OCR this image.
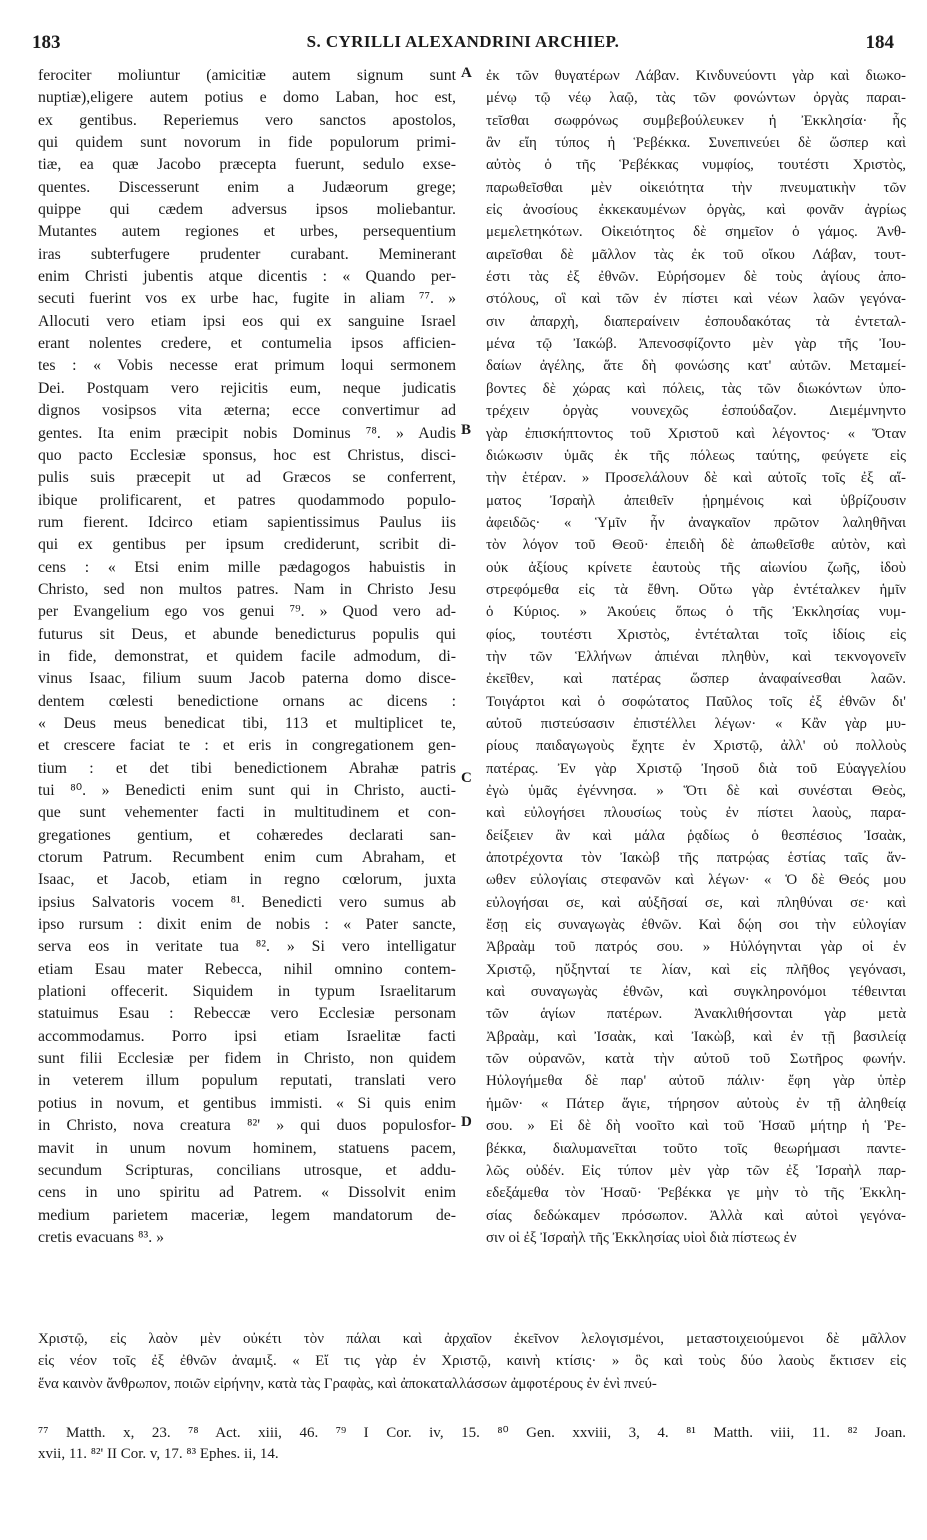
183	S. CYRILLI ALEXANDRINI ARCHIEP.	184
ferociter moliuntur (amicitiæ autem signum sunt
nuptiæ),eligere autem potius e domo Laban, hoc est,
ex gentibus. Reperiemus vero sanctos apostolos,
qui quidem sunt novorum in fide populorum primi-
tiæ, ea quæ Jacobo præcepta fuerunt, sedulo exse-
quentes. Discesserunt enim a Judæorum grege;
quippe qui cædem adversus ipsos moliebantur.
Mutantes autem regiones et urbes, persequentium
iras subterfugere prudenter curabant. Meminerant
enim Christi jubentis atque dicentis : « Quando per-
secuti fuerint vos ex urbe hac, fugite in aliam ⁷⁷. »
Allocuti vero etiam ipsi eos qui ex sanguine Israel
erant nolentes credere, et contumelia ipsos afficien-
tes : « Vobis necesse erat primum loqui sermonem
Dei. Postquam vero rejicitis eum, neque judicatis
dignos vosipsos vita æterna; ecce convertimur ad
gentes. Ita enim præcipit nobis Dominus ⁷⁸. » Audis
quo pacto Ecclesiæ sponsus, hoc est Christus, disci-
pulis suis præcepit ut ad Græcos se conferrent,
ibique prolificarent, et patres quodammodo populo-
rum fierent. Idcirco etiam sapientissimus Paulus iis
qui ex gentibus per ipsum crediderunt, scribit di-
cens : « Etsi enim mille pædagogos habuistis in
Christo, sed non multos patres. Nam in Christo Jesu
per Evangelium ego vos genui ⁷⁹. » Quod vero ad-
futurus sit Deus, et abunde benedicturus populis qui
in fide, demonstrat, et quidem facile admodum, di-
vinus Isaac, filium suum Jacob paterna domo disce-
dentem cœlesti benedictione ornans ac dicens :
« Deus meus benedicat tibi, 113 et multiplicet te,
et crescere faciat te : et eris in congregationem gen-
tium : et det tibi benedictionem Abrahæ patris
tui ⁸⁰. » Benedicti enim sunt qui in Christo, aucti-
que sunt vehementer facti in multitudinem et con-
gregationes gentium, et cohæredes declarati san-
ctorum Patrum. Recumbent enim cum Abraham, et
Isaac, et Jacob, etiam in regno cœlorum, juxta
ipsius Salvatoris vocem ⁸¹. Benedicti vero sumus ab
ipso rursum : dixit enim de nobis : « Pater sancte,
serva eos in veritate tua ⁸². » Si vero intelligatur
etiam Esau mater Rebecca, nihil omnino contem-
plationi offecerit. Siquidem in typum Israelitarum
statuimus Esau : Rebeccæ vero Ecclesiæ personam
accommodamus. Porro ipsi etiam Israelitæ facti
sunt filii Ecclesiæ per fidem in Christo, non quidem
in veterem illum populum reputati, translati vero
potius in novum, et gentibus immisti. « Si quis enim
in Christo, nova creatura ⁸²' » qui duos populosfor-
mavit in unum novum hominem, statuens pacem,
secundum Scripturas, concilians utrosque, et addu-
cens in uno spiritu ad Patrem. « Dissolvit enim
medium parietem maceriæ, legem mandatorum de-
cretis evacuans ⁸³. »
ἐκ τῶν θυγατέρων Λάβαν. Κινδυνεύοντι γὰρ καὶ διωκο-
μένῳ τῷ νέῳ λαῷ, τὰς τῶν φονώντων ὀργὰς παραι-
τεῖσθαι σωφρόνως συμβεβούλευκεν ἡ Ἐκκλησία· ἧς
ἂν εἴη τύπος ἡ Ῥεβέκκα. Συνεπινεύει δὲ ὥσπερ καὶ
αὐτὸς ὁ τῆς Ῥεβέκκας νυμφίος, τουτέστι Χριστὸς,
παρωθεῖσθαι μὲν οἰκειότητα τὴν πνευματικὴν τῶν
εἰς ἀνοσίους ἐκκεκαυμένων ὀργὰς, καὶ φονᾶν ἀγρίως
μεμελετηκότων. Οἰκειότητος δὲ σημεῖον ὁ γάμος. Ἀνθ-
αιρεῖσθαι δὲ μᾶλλον τὰς ἐκ τοῦ οἴκου Λάβαν, τουτ-
έστι τὰς ἐξ ἐθνῶν. Εὑρήσομεν δὲ τοὺς ἁγίους ἀπο-
στόλους, οἳ καὶ τῶν ἐν πίστει καὶ νέων λαῶν γεγόνα-
σιν ἀπαρχὴ, διαπεραίνειν ἐσπουδακότας τὰ ἐντεταλ-
μένα τῷ Ἰακώβ. Ἀπενοσφίζοντο μὲν γὰρ τῆς Ἰου-
δαίων ἀγέλης, ἅτε δὴ φονώσης κατ' αὐτῶν. Μεταμεί-
βοντες δὲ χώρας καὶ πόλεις, τὰς τῶν διωκόντων ὑπο-
τρέχειν ὀργὰς νουνεχῶς ἐσπούδαζον. Διεμέμνηντο
γὰρ ἐπισκήπτοντος τοῦ Χριστοῦ καὶ λέγοντος· « Ὅταν
διώκωσιν ὑμᾶς ἐκ τῆς πόλεως ταύτης, φεύγετε εἰς
τὴν ἑτέραν. » Προσελάλουν δὲ καὶ αὐτοῖς τοῖς ἐξ αἵ-
ματος Ἰσραὴλ ἀπειθεῖν ᾑρημένοις καὶ ὑβρίζουσιν
ἀφειδῶς· « Ὑμῖν ἦν ἀναγκαῖον πρῶτον λαληθῆναι
τὸν λόγον τοῦ Θεοῦ· ἐπειδὴ δὲ ἀπωθεῖσθε αὐτὸν, καὶ
οὐκ ἀξίους κρίνετε ἑαυτοὺς τῆς αἰωνίου ζωῆς, ἰδοὺ
στρεφόμεθα εἰς τὰ ἔθνη. Οὕτω γὰρ ἐντέταλκεν ἡμῖν
ὁ Κύριος. » Ἀκούεις ὅπως ὁ τῆς Ἐκκλησίας νυμ-
φίος, τουτέστι Χριστὸς, ἐντέταλται τοῖς ἰδίοις εἰς
τὴν τῶν Ἑλλήνων ἀπιέναι πληθὺν, καὶ τεκνογονεῖν
ἐκεῖθεν, καὶ πατέρας ὥσπερ ἀναφαίνεσθαι λαῶν.
Τοιγάρτοι καὶ ὁ σοφώτατος Παῦλος τοῖς ἐξ ἐθνῶν δι'
αὐτοῦ πιστεύσασιν ἐπιστέλλει λέγων· « Κἂν γὰρ μυ-
ρίους παιδαγωγοὺς ἔχητε ἐν Χριστῷ, ἀλλ' οὐ πολλοὺς
πατέρας. Ἐν γὰρ Χριστῷ Ἰησοῦ διὰ τοῦ Εὐαγγελίου
ἐγὼ ὑμᾶς ἐγέννησα. » Ὅτι δὲ καὶ συνέσται Θεὸς,
καὶ εὐλογήσει πλουσίως τοὺς ἐν πίστει λαοὺς, παρα-
δείξειεν ἂν καὶ μάλα ῥᾳδίως ὁ θεσπέσιος Ἰσαὰκ,
ἀποτρέχοντα τὸν Ἰακὼβ τῆς πατρῴας ἑστίας ταῖς ἄν-
ωθεν εὐλογίαις στεφανῶν καὶ λέγων· « Ὁ δὲ Θεός μου
εὐλογήσαι σε, καὶ αὐξῆσαί σε, καὶ πληθύναι σε· καὶ
ἔσῃ εἰς συναγωγὰς ἐθνῶν. Καὶ δῴη σοι τὴν εὐλογίαν
Ἀβραὰμ τοῦ πατρός σου. » Ηὐλόγηνται γὰρ οἱ ἐν
Χριστῷ, ηὔξηνταί τε λίαν, καὶ εἰς πλῆθος γεγόνασι,
καὶ συναγωγὰς ἐθνῶν, καὶ συγκληρονόμοι τέθεινται
τῶν ἁγίων πατέρων. Ἀνακλιθήσονται γὰρ μετὰ
Ἀβραὰμ, καὶ Ἰσαὰκ, καὶ Ἰακὼβ, καὶ ἐν τῇ βασιλείᾳ
τῶν οὐρανῶν, κατὰ τὴν αὐτοῦ τοῦ Σωτῆρος φωνήν.
Ηὐλογήμεθα δὲ παρ' αὐτοῦ πάλιν· ἔφη γὰρ ὑπὲρ
ἡμῶν· « Πάτερ ἅγιε, τήρησον αὐτοὺς ἐν τῇ ἀληθείᾳ
σου. » Εἰ δὲ δὴ νοοῖτο καὶ τοῦ Ἡσαῦ μήτηρ ἡ Ῥε-
βέκκα, διαλυμανεῖται τοῦτο τοῖς θεωρήμασι παντε-
λῶς οὐδέν. Εἰς τύπον μὲν γὰρ τῶν ἐξ Ἰσραὴλ παρ-
εδεξάμεθα τὸν Ἡσαῦ· Ῥεβέκκα γε μὴν τὸ τῆς Ἐκκλη-
σίας δεδώκαμεν πρόσωπον. Ἀλλὰ καὶ αὐτοὶ γεγόνα-
σιν οἱ ἐξ Ἰσραὴλ τῆς Ἐκκλησίας υἱοὶ διὰ πίστεως ἐν
A
B
C
D
Χριστῷ, εἰς λαὸν μὲν οὐκέτι τὸν πάλαι καὶ ἀρχαῖον ἐκεῖνον λελογισμένοι, μεταστοιχειούμενοι δὲ μᾶλλον
εἰς νέον τοῖς ἐξ ἐθνῶν ἀναμιξ. « Εἴ τις γὰρ ἐν Χριστῷ, καινὴ κτίσις· » ὃς καὶ τοὺς δύο λαοὺς ἔκτισεν εἰς
ἕνα καινὸν ἄνθρωπον, ποιῶν εἰρήνην, κατὰ τὰς Γραφὰς, καὶ ἀποκαταλλάσσων ἀμφοτέρους ἐν ἑνὶ πνεύ-
⁷⁷ Matth. x, 23. ⁷⁸ Act. xiii, 46. ⁷⁹ I Cor. iv, 15. ⁸⁰ Gen. xxviii, 3, 4. ⁸¹ Matth. viii, 11. ⁸² Joan.
xvii, 11. ⁸²' II Cor. v, 17. ⁸³ Ephes. ii, 14.
